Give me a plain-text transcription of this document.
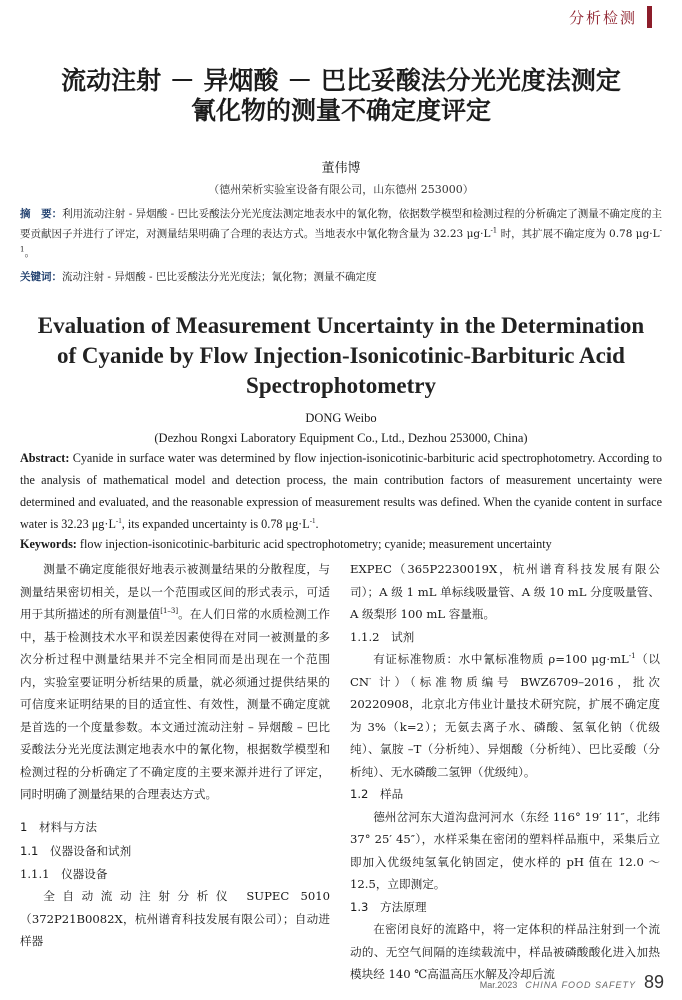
分析检测
流动注射 － 异烟酸 － 巴比妥酸法分光光度法测定
氰化物的测量不确定度评定
董伟博
（德州荣析实验室设备有限公司，山东德州 253000）
摘　要：利用流动注射 - 异烟酸 - 巴比妥酸法分光光度法测定地表水中的氰化物，依据数学模型和检测过程的分析确定了测量不确定度的主要贡献因子并进行了评定，对测量结果明确了合理的表达方式。当地表水中氰化物含量为 32.23 $\mu g\cdot L^{-1}$ 时，其扩展不确定度为 0.78 $\mu g\cdot L^{-1}$。
关键词：流动注射 - 异烟酸 - 巴比妥酸法分光光度法；氰化物；测量不确定度
Evaluation of Measurement Uncertainty in the Determination
of Cyanide by Flow Injection-Isonicotinic-Barbituric Acid
Spectrophotometry
DONG Weibo
(Dezhou Rongxi Laboratory Equipment Co., Ltd., Dezhou 253000, China)
Abstract: Cyanide in surface water was determined by flow injection-isonicotinic-barbituric acid spectrophotometry. According to the analysis of mathematical model and detection process, the main contribution factors of measurement uncertainty were determined and evaluated, and the reasonable expression of measurement results was defined. When the cyanide content in surface water is 32.23 $\mu g\cdot L^{-1}$, its expanded uncertainty is 0.78 $\mu g\cdot L^{-1}$.
Keywords: flow injection-isonicotinic-barbituric acid spectrophotometry; cyanide; measurement uncertainty

测量不确定度能很好地表示被测量结果的分散程度，与测量结果密切相关，是以一个范围或区间的形式表示，可适用于其所描述的所有测量值[1–3]。在人们日常的水质检测工作中，基于检测技术水平和误差因素使得在对同一被测量的多次分析过程中测量结果并不完全相同而是出现在一个范围内，实验室要证明分析结果的质量，就必须通过提供结果的可信度来证明结果的目的适宜性、有效性，测量不确定度就是首选的一个度量参数。本文通过流动注射 – 异烟酸 – 巴比妥酸法分光光度法测定地表水中的氰化物，根据数学模型和检测过程的分析确定了不确定度的主要来源并进行了评定，同时明确了测量结果的合理表达方式。

1　材料与方法

1.1　仪器设备和试剂

1.1.1　仪器设备

全自动流动注射分析仪 SUPEC 5010（372P21B0082X，杭州谱育科技发展有限公司）；自动进样器

EXPEC（365P2230019X，杭州谱育科技发展有限公司）；A 级 1 mL 单标线吸量管、A 级 10 mL 分度吸量管、A 级梨形 100 mL 容量瓶。

1.1.2　试剂

有证标准物质：水中氰标准物质 ρ=100 $\mu g\cdot mL^{-1}$（以 CN- 计）（标准物质编号 BWZ6709–2016，批次 20220908，北京北方伟业计量技术研究院，扩展不确定度为 3%（k=2）；无氨去离子水、磷酸、氢氧化钠（优级纯）、氯胺 –T（分析纯）、异烟酸（分析纯）、巴比妥酸（分析纯）、无水磷酸二氢钾（优级纯）。

1.2　样品

德州岔河东大道沟盘河河水（东经 116° 19′ 11″，北纬 37° 25′ 45″），水样采集在密闭的塑料样品瓶中，采集后立即加入优级纯氢氧化钠固定，使水样的 pH 值在 12.0 ～ 12.5，立即测定。

1.3　方法原理

在密闭良好的流路中，将一定体积的样品注射到一个流动的、无空气间隔的连续载流中，样品被磷酸酸化进入加热模块经 140 ℃高温高压水解及冷却后流

Mar.2023 CHINA FOOD SAFETY 89
